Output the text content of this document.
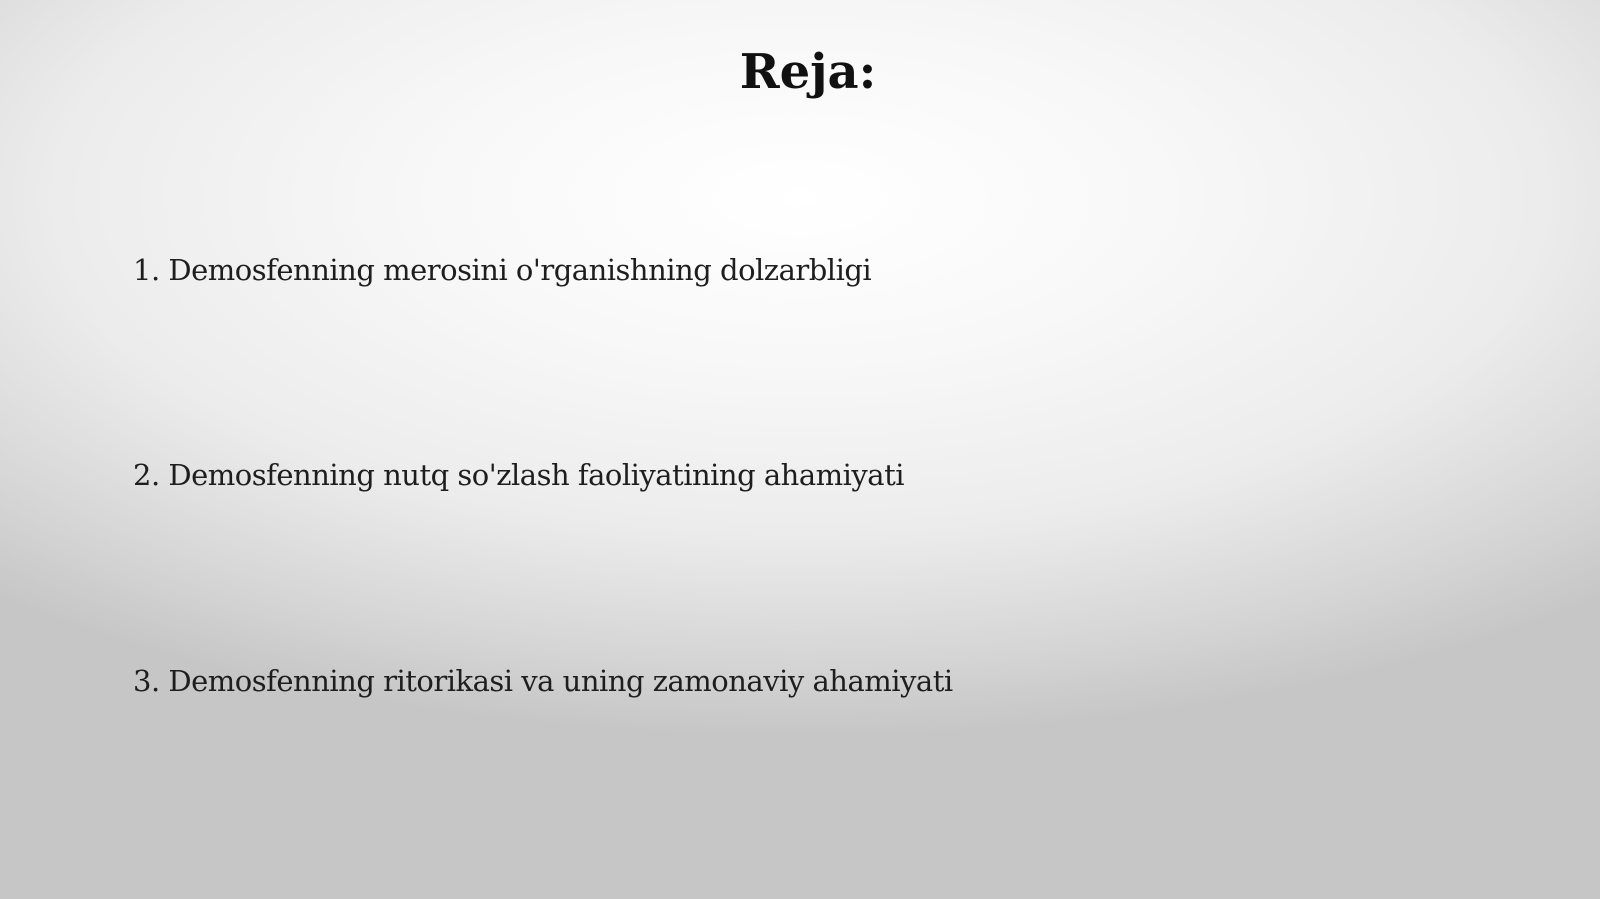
Reja:
1. Demosfenning merosini o'rganishning dolzarbligi
2. Demosfenning nutq so'zlash faoliyatining ahamiyati
3. Demosfenning ritorikasi va uning zamonaviy ahamiyati
